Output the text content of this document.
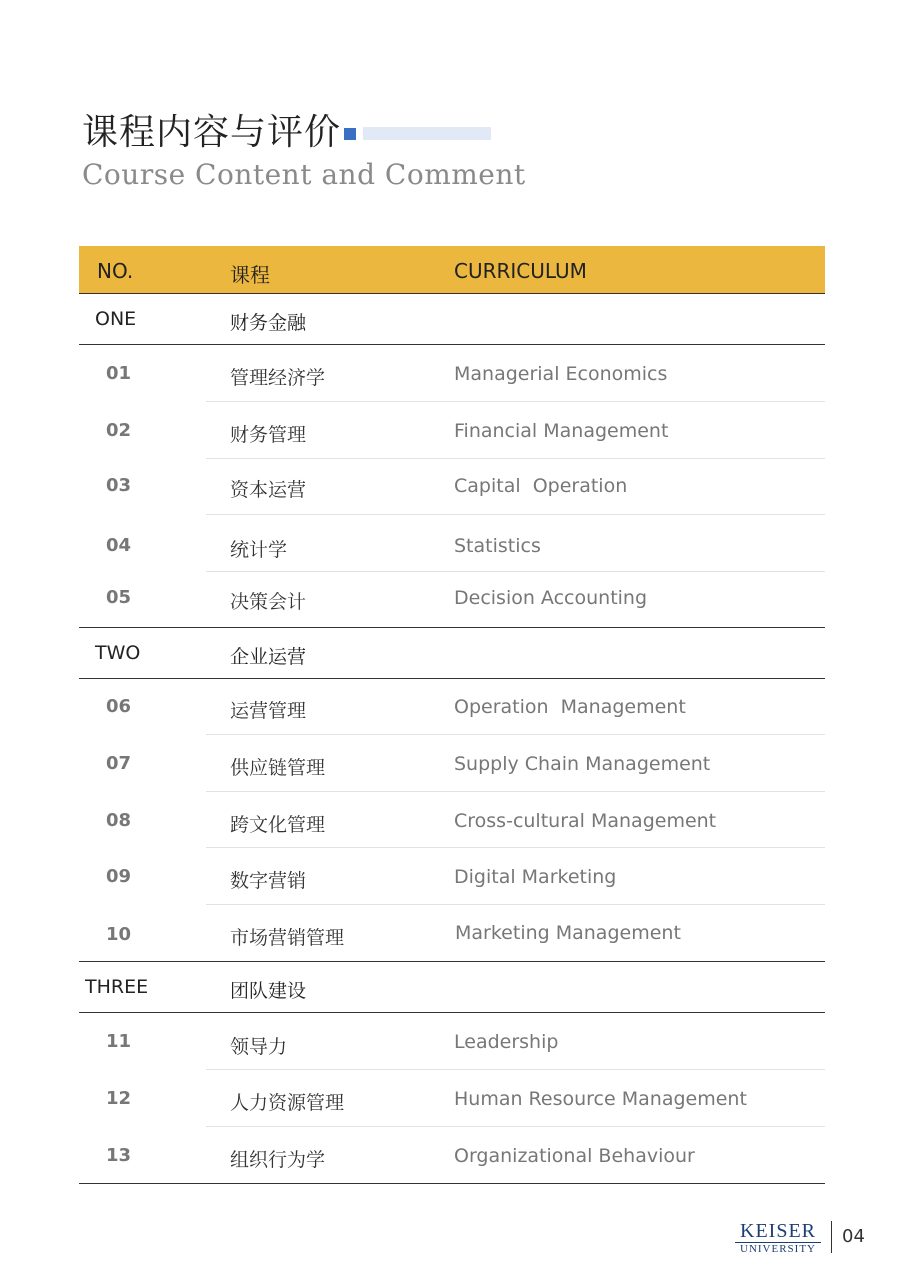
课程内容与评价
Course Content and Comment
NO.	课程	CURRICULUM
ONE	财务金融
01	管理经济学	Managerial Economics
02	财务管理	Financial Management
03	资本运营	Capital  Operation
04	统计学	Statistics
05	决策会计	Decision Accounting
TWO	企业运营
06	运营管理	Operation  Management
07	供应链管理	Supply Chain Management
08	跨文化管理	Cross-cultural Management
09	数字营销	Digital Marketing
10	市场营销管理	Marketing Management
THREE	团队建设
11	领导力	Leadership
12	人力资源管理	Human Resource Management
13	组织行为学	Organizational Behaviour
KEISER
UNIVERSITY
04
